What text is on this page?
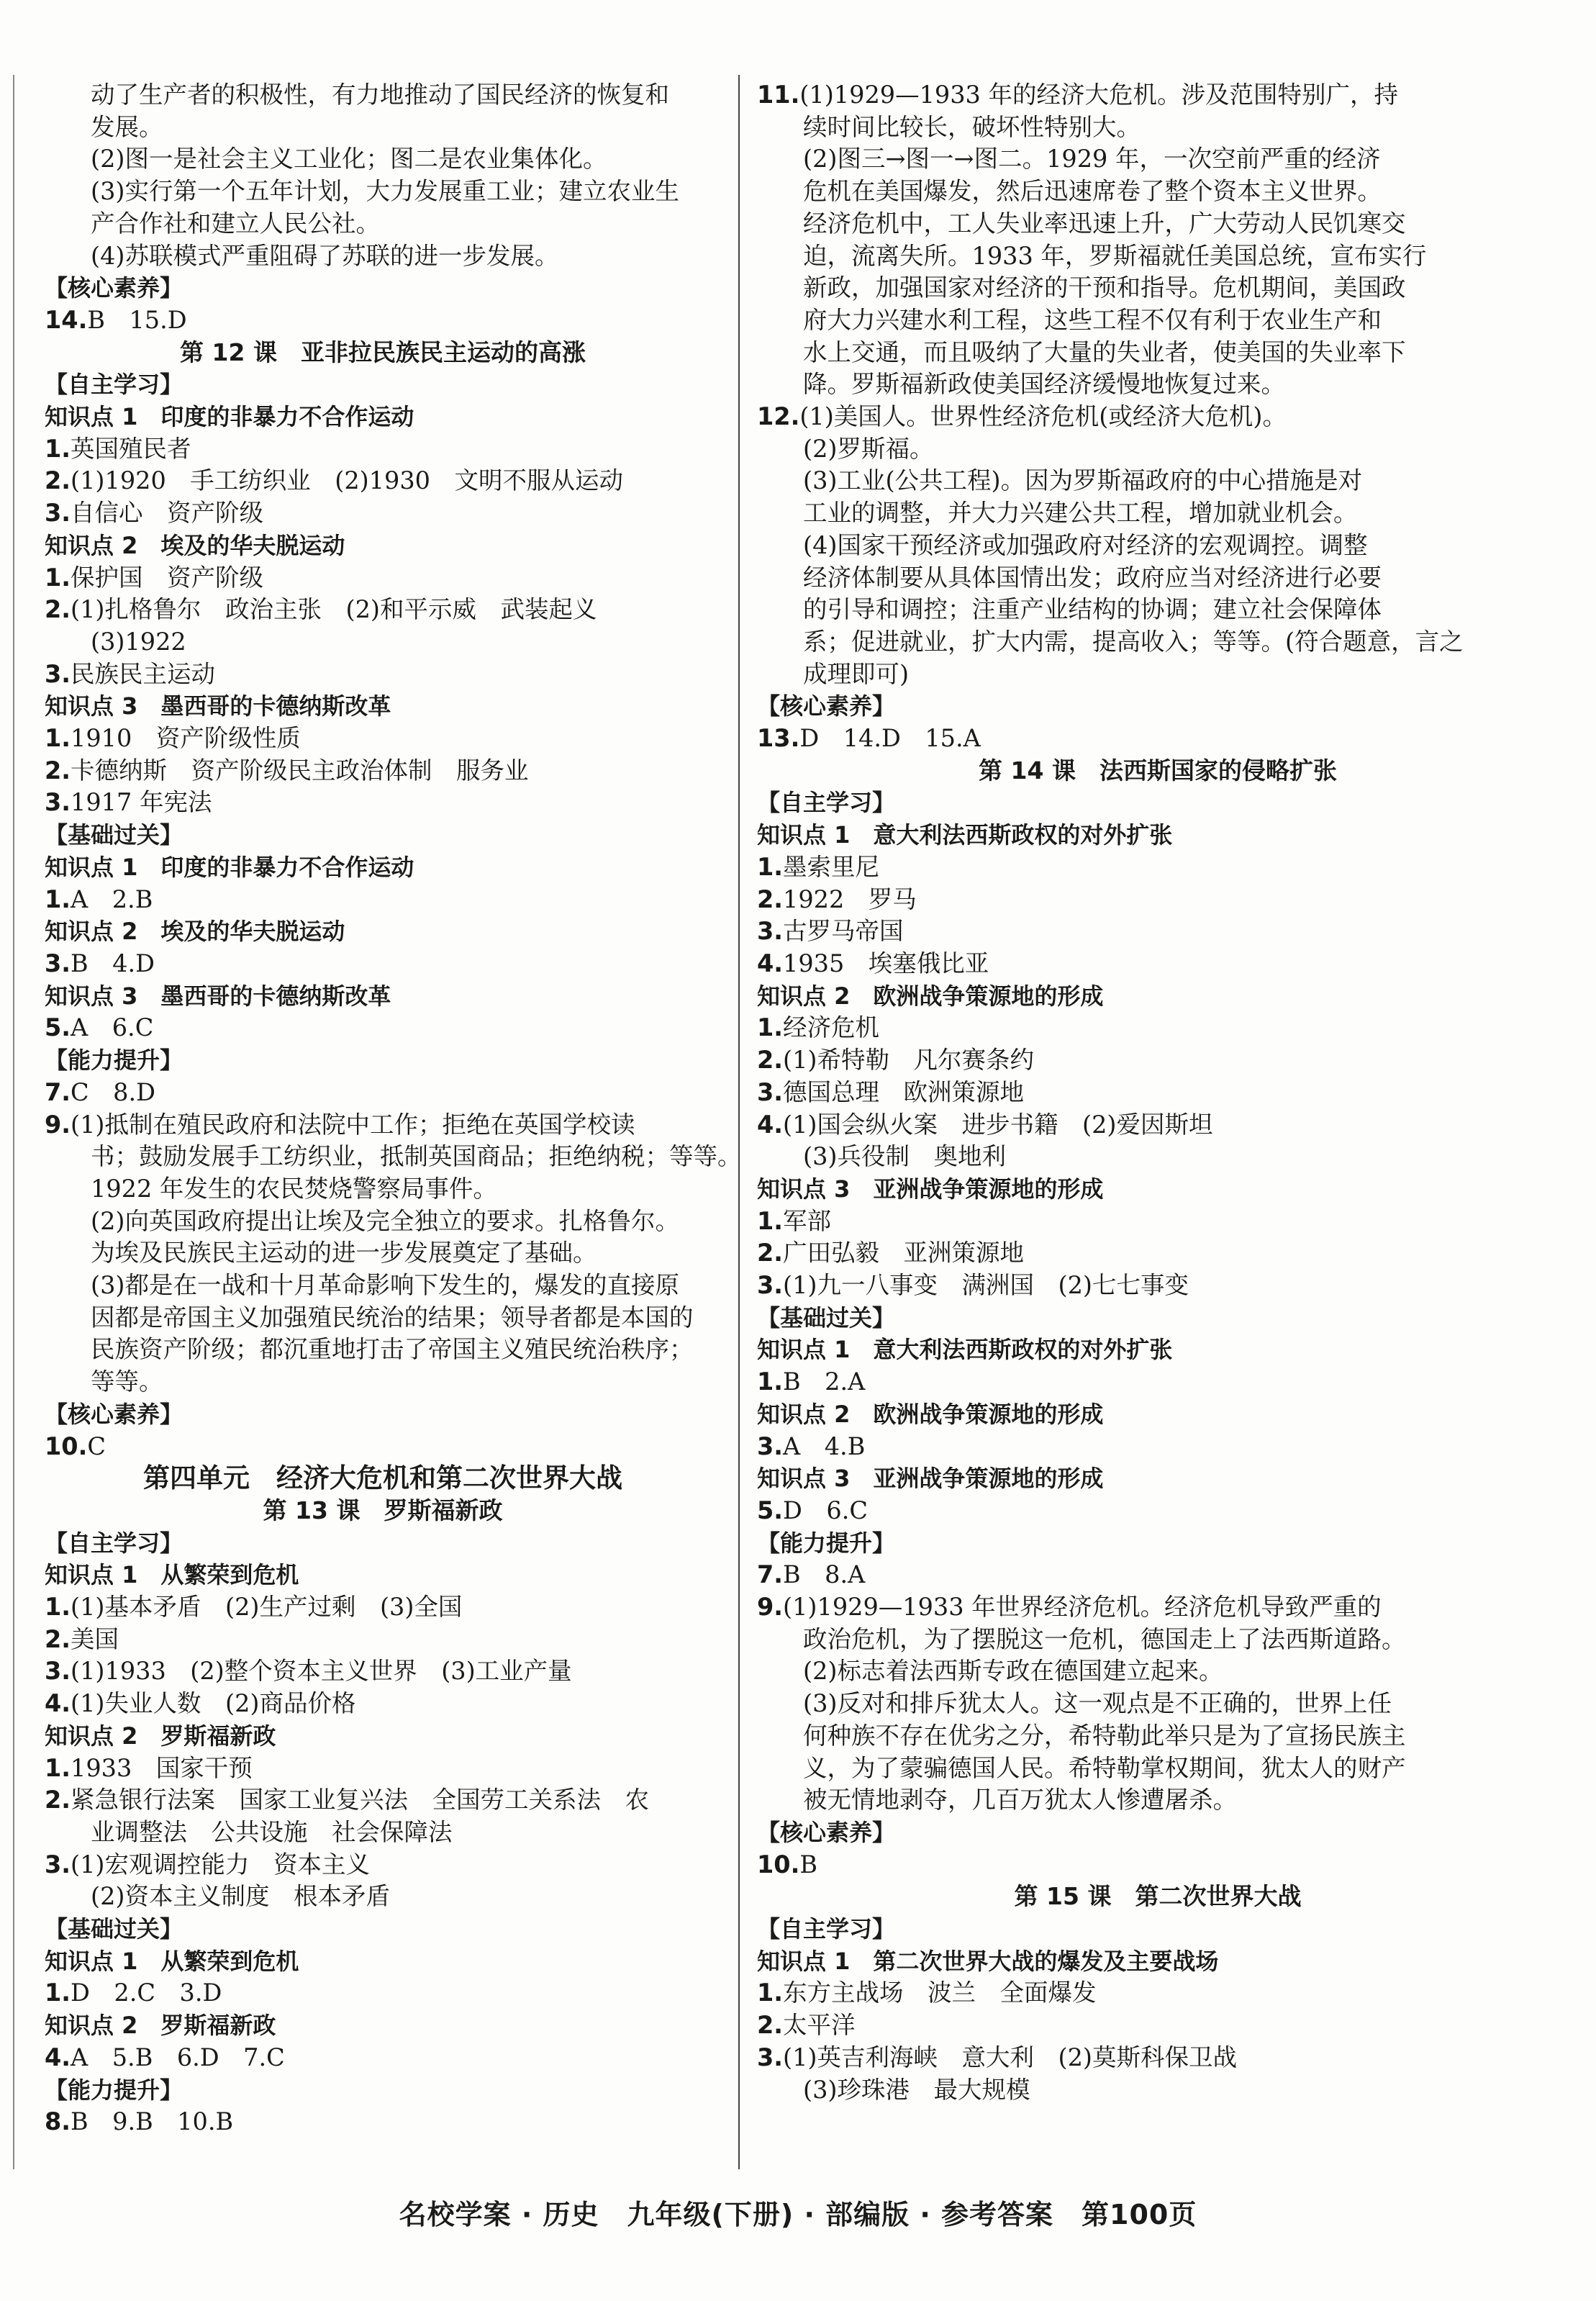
动了生产者的积极性，有力地推动了国民经济的恢复和
发展。
(2)图一是社会主义工业化；图二是农业集体化。
(3)实行第一个五年计划，大力发展重工业；建立农业生
产合作社和建立人民公社。
(4)苏联模式严重阻碍了苏联的进一步发展。
【核心素养】
14.B　15.D
第 12 课　亚非拉民族民主运动的高涨
【自主学习】
知识点 1　印度的非暴力不合作运动
1.英国殖民者
2.(1)1920　手工纺织业　(2)1930　文明不服从运动
3.自信心　资产阶级
知识点 2　埃及的华夫脱运动
1.保护国　资产阶级
2.(1)扎格鲁尔　政治主张　(2)和平示威　武装起义
(3)1922
3.民族民主运动
知识点 3　墨西哥的卡德纳斯改革
1.1910　资产阶级性质
2.卡德纳斯　资产阶级民主政治体制　服务业
3.1917 年宪法
【基础过关】
知识点 1　印度的非暴力不合作运动
1.A　2.B
知识点 2　埃及的华夫脱运动
3.B　4.D
知识点 3　墨西哥的卡德纳斯改革
5.A　6.C
【能力提升】
7.C　8.D
9.(1)抵制在殖民政府和法院中工作；拒绝在英国学校读
书；鼓励发展手工纺织业，抵制英国商品；拒绝纳税；等等。
1922 年发生的农民焚烧警察局事件。
(2)向英国政府提出让埃及完全独立的要求。扎格鲁尔。
为埃及民族民主运动的进一步发展奠定了基础。
(3)都是在一战和十月革命影响下发生的，爆发的直接原
因都是帝国主义加强殖民统治的结果；领导者都是本国的
民族资产阶级；都沉重地打击了帝国主义殖民统治秩序；
等等。
【核心素养】
10.C
第四单元　经济大危机和第二次世界大战
第 13 课　罗斯福新政
【自主学习】
知识点 1　从繁荣到危机
1.(1)基本矛盾　(2)生产过剩　(3)全国
2.美国
3.(1)1933　(2)整个资本主义世界　(3)工业产量
4.(1)失业人数　(2)商品价格
知识点 2　罗斯福新政
1.1933　国家干预
2.紧急银行法案　国家工业复兴法　全国劳工关系法　农
业调整法　公共设施　社会保障法
3.(1)宏观调控能力　资本主义
(2)资本主义制度　根本矛盾
【基础过关】
知识点 1　从繁荣到危机
1.D　2.C　3.D
知识点 2　罗斯福新政
4.A　5.B　6.D　7.C
【能力提升】
8.B　9.B　10.B
11.(1)1929—1933 年的经济大危机。涉及范围特别广，持
续时间比较长，破坏性特别大。
(2)图三→图一→图二。1929 年，一次空前严重的经济
危机在美国爆发，然后迅速席卷了整个资本主义世界。
经济危机中，工人失业率迅速上升，广大劳动人民饥寒交
迫，流离失所。1933 年，罗斯福就任美国总统，宣布实行
新政，加强国家对经济的干预和指导。危机期间，美国政
府大力兴建水利工程，这些工程不仅有利于农业生产和
水上交通，而且吸纳了大量的失业者，使美国的失业率下
降。罗斯福新政使美国经济缓慢地恢复过来。
12.(1)美国人。世界性经济危机(或经济大危机)。
(2)罗斯福。
(3)工业(公共工程)。因为罗斯福政府的中心措施是对
工业的调整，并大力兴建公共工程，增加就业机会。
(4)国家干预经济或加强政府对经济的宏观调控。调整
经济体制要从具体国情出发；政府应当对经济进行必要
的引导和调控；注重产业结构的协调；建立社会保障体
系；促进就业，扩大内需，提高收入；等等。(符合题意，言之
成理即可)
【核心素养】
13.D　14.D　15.A
第 14 课　法西斯国家的侵略扩张
【自主学习】
知识点 1　意大利法西斯政权的对外扩张
1.墨索里尼
2.1922　罗马
3.古罗马帝国
4.1935　埃塞俄比亚
知识点 2　欧洲战争策源地的形成
1.经济危机
2.(1)希特勒　凡尔赛条约
3.德国总理　欧洲策源地
4.(1)国会纵火案　进步书籍　(2)爱因斯坦
(3)兵役制　奥地利
知识点 3　亚洲战争策源地的形成
1.军部
2.广田弘毅　亚洲策源地
3.(1)九一八事变　满洲国　(2)七七事变
【基础过关】
知识点 1　意大利法西斯政权的对外扩张
1.B　2.A
知识点 2　欧洲战争策源地的形成
3.A　4.B
知识点 3　亚洲战争策源地的形成
5.D　6.C
【能力提升】
7.B　8.A
9.(1)1929—1933 年世界经济危机。经济危机导致严重的
政治危机，为了摆脱这一危机，德国走上了法西斯道路。
(2)标志着法西斯专政在德国建立起来。
(3)反对和排斥犹太人。这一观点是不正确的，世界上任
何种族不存在优劣之分，希特勒此举只是为了宣扬民族主
义，为了蒙骗德国人民。希特勒掌权期间，犹太人的财产
被无情地剥夺，几百万犹太人惨遭屠杀。
【核心素养】
10.B
第 15 课　第二次世界大战
【自主学习】
知识点 1　第二次世界大战的爆发及主要战场
1.东方主战场　波兰　全面爆发
2.太平洋
3.(1)英吉利海峡　意大利　(2)莫斯科保卫战
(3)珍珠港　最大规模
名校学案 · 历史　九年级(下册) · 部编版 · 参考答案　第100页
